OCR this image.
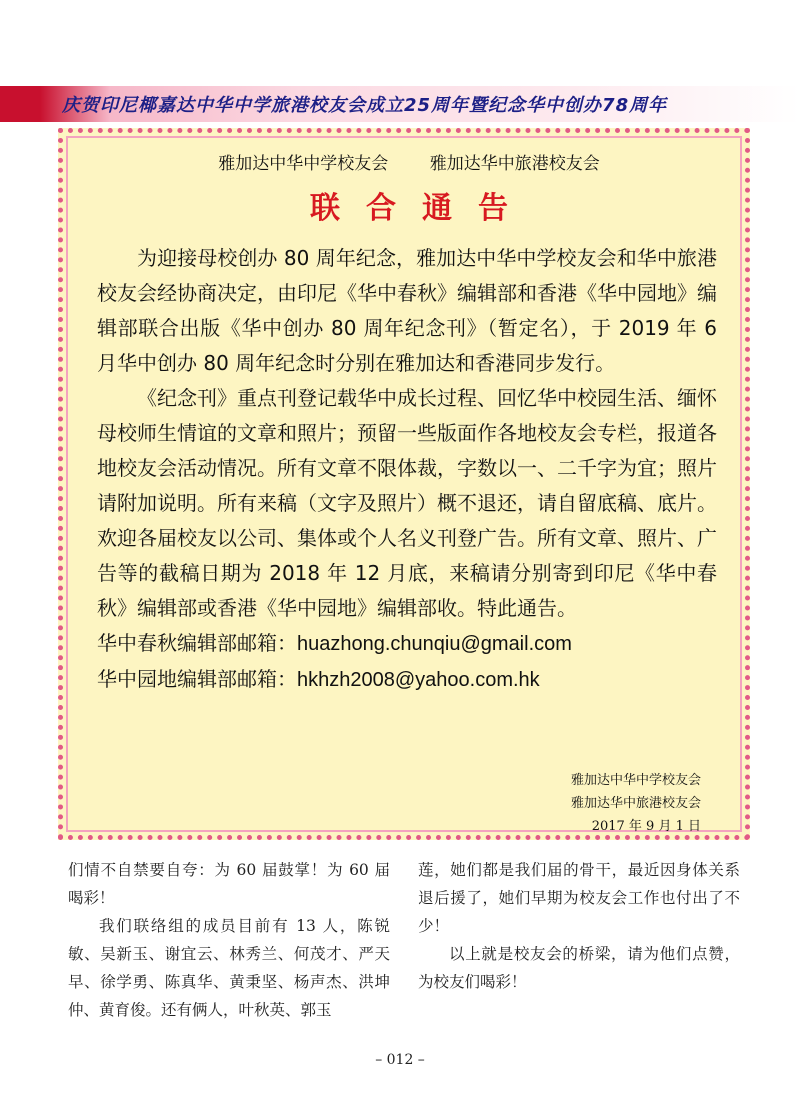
庆贺印尼椰嘉达中华中学旅港校友会成立25周年暨纪念华中创办78周年
雅加达中华中学校友会 雅加达华中旅港校友会
联合通告

为迎接母校创办 80 周年纪念，雅加达中华中学校友会和华中旅港校友会经协商决定，由印尼《华中春秋》编辑部和香港《华中园地》编辑部联合出版《华中创办 80 周年纪念刊》（暂定名），于 2019 年 6 月华中创办 80 周年纪念时分别在雅加达和香港同步发行。

《纪念刊》重点刊登记载华中成长过程、回忆华中校园生活、缅怀母校师生情谊的文章和照片；预留一些版面作各地校友会专栏，报道各地校友会活动情况。所有文章不限体裁，字数以一、二千字为宜；照片请附加说明。所有来稿（文字及照片）概不退还，请自留底稿、底片。欢迎各届校友以公司、集体或个人名义刊登广告。所有文章、照片、广告等的截稿日期为 2018 年 12 月底，来稿请分别寄到印尼《华中春秋》编辑部或香港《华中园地》编辑部收。特此通告。

华中春秋编辑部邮箱：huazhong.chunqiu@gmail.com
华中园地编辑部邮箱：hkhzh2008@yahoo.com.hk
雅加达中华中学校友会
雅加达华中旅港校友会
2017 年 9 月 1 日

们情不自禁要自夸：为 60 届鼓掌！为 60 届喝彩！

我们联络组的成员目前有 13 人，陈锐敏、吴新玉、谢宜云、林秀兰、何茂才、严天早、徐学勇、陈真华、黄秉坚、杨声杰、洪坤仲、黄育俊。还有俩人，叶秋英、郭玉

莲，她们都是我们届的骨干，最近因身体关系退后援了，她们早期为校友会工作也付出了不少！

以上就是校友会的桥梁，请为他们点赞，为校友们喝彩！

– 012 –
